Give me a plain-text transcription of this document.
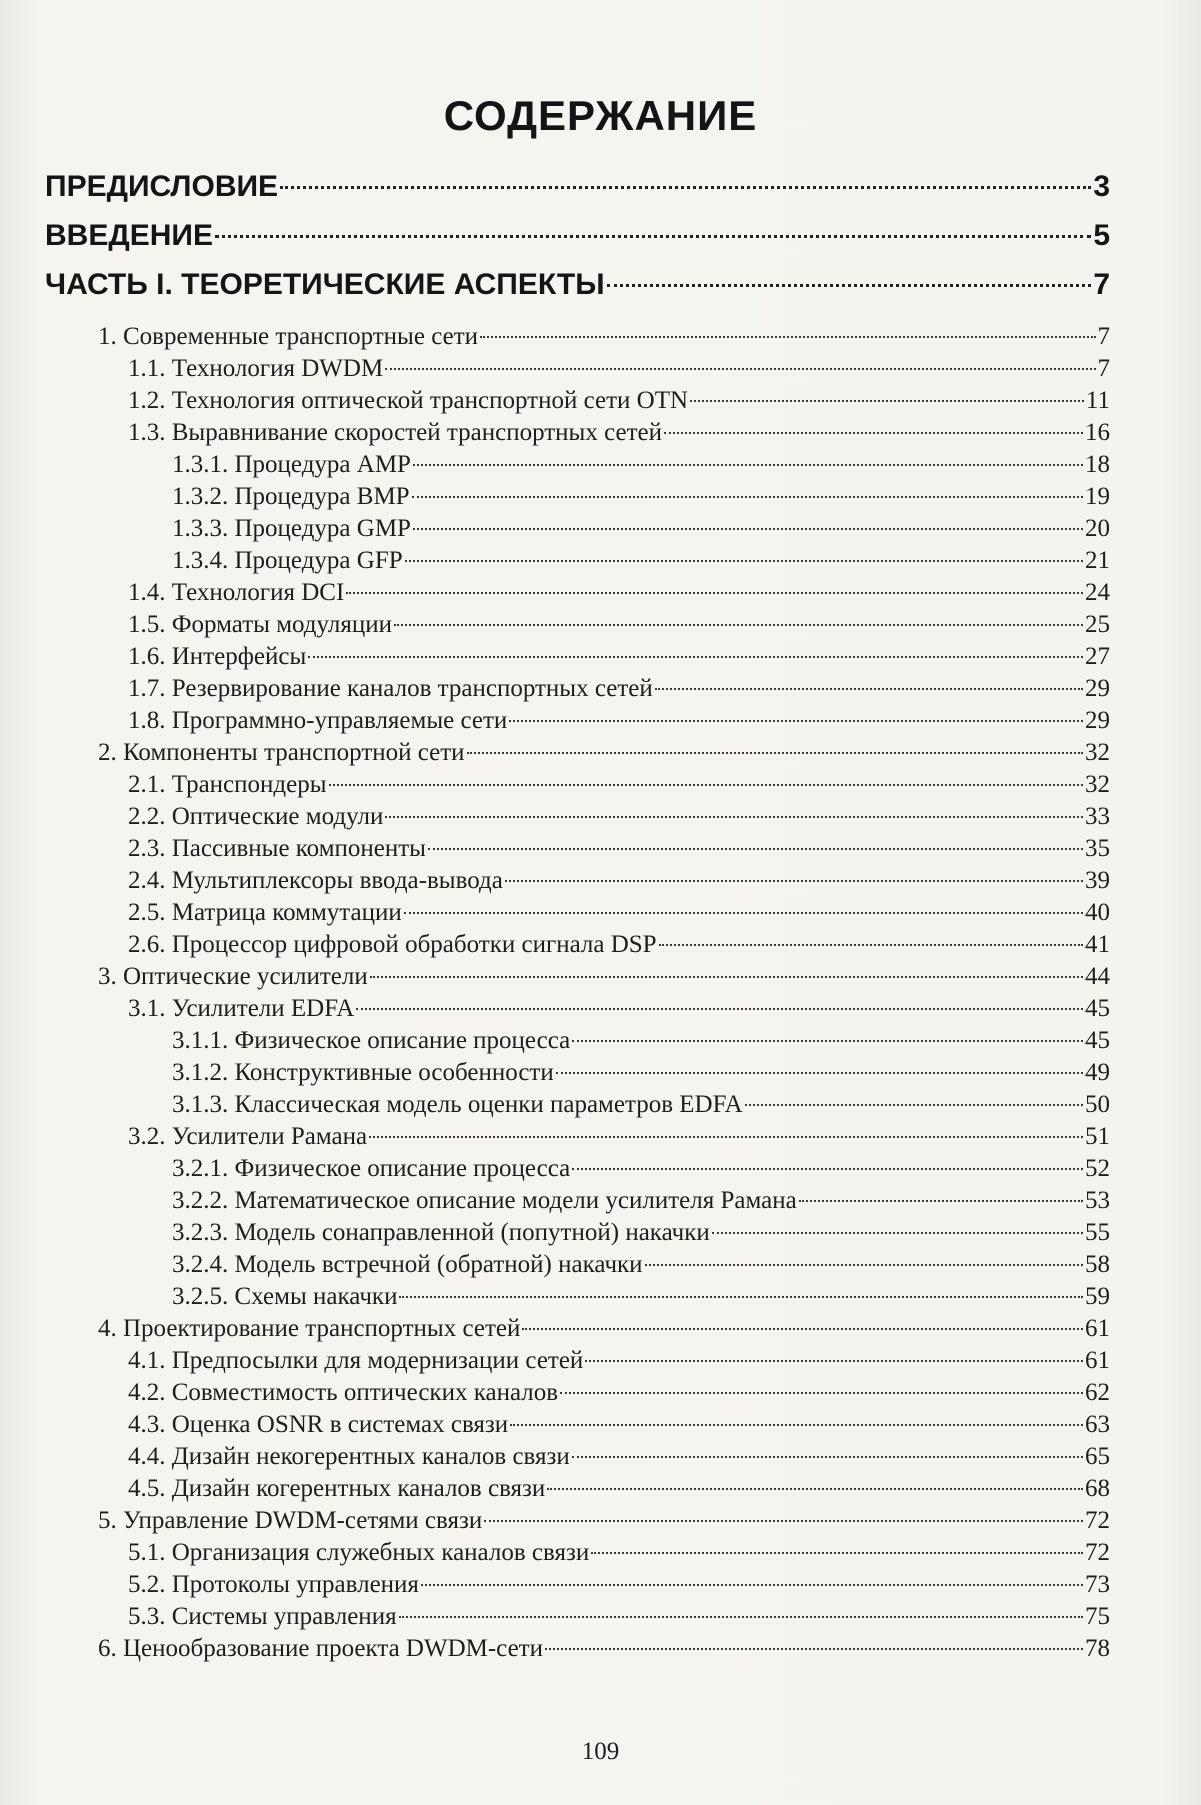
СОДЕРЖАНИЕ
ПРЕДИСЛОВИЕ	3
ВВЕДЕНИЕ	5
ЧАСТЬ I. ТЕОРЕТИЧЕСКИЕ АСПЕКТЫ	7
1. Современные транспортные сети	7
1.1. Технология DWDM	7
1.2. Технология оптической транспортной сети OTN	11
1.3. Выравнивание скоростей транспортных сетей	16
1.3.1. Процедура AMP	18
1.3.2. Процедура BMP	19
1.3.3. Процедура GMP	20
1.3.4. Процедура GFP	21
1.4. Технология DCI	24
1.5. Форматы модуляции	25
1.6. Интерфейсы	27
1.7. Резервирование каналов транспортных сетей	29
1.8. Программно-управляемые сети	29
2. Компоненты транспортной сети	32
2.1. Транспондеры	32
2.2. Оптические модули	33
2.3. Пассивные компоненты	35
2.4. Мультиплексоры ввода-вывода	39
2.5. Матрица коммутации	40
2.6. Процессор цифровой обработки сигнала DSP	41
3. Оптические усилители	44
3.1. Усилители EDFA	45
3.1.1. Физическое описание процесса	45
3.1.2. Конструктивные особенности	49
3.1.3. Классическая модель оценки параметров EDFA	50
3.2. Усилители Рамана	51
3.2.1. Физическое описание процесса	52
3.2.2. Математическое описание модели усилителя Рамана	53
3.2.3. Модель сонаправленной (попутной) накачки	55
3.2.4. Модель встречной (обратной) накачки	58
3.2.5. Схемы накачки	59
4. Проектирование транспортных сетей	61
4.1. Предпосылки для модернизации сетей	61
4.2. Совместимость оптических каналов	62
4.3. Оценка OSNR в системах связи	63
4.4. Дизайн некогерентных каналов связи	65
4.5. Дизайн когерентных каналов связи	68
5. Управление DWDM-сетями связи	72
5.1. Организация служебных каналов связи	72
5.2. Протоколы управления	73
5.3. Системы управления	75
6. Ценообразование проекта DWDM-сети	78
109
